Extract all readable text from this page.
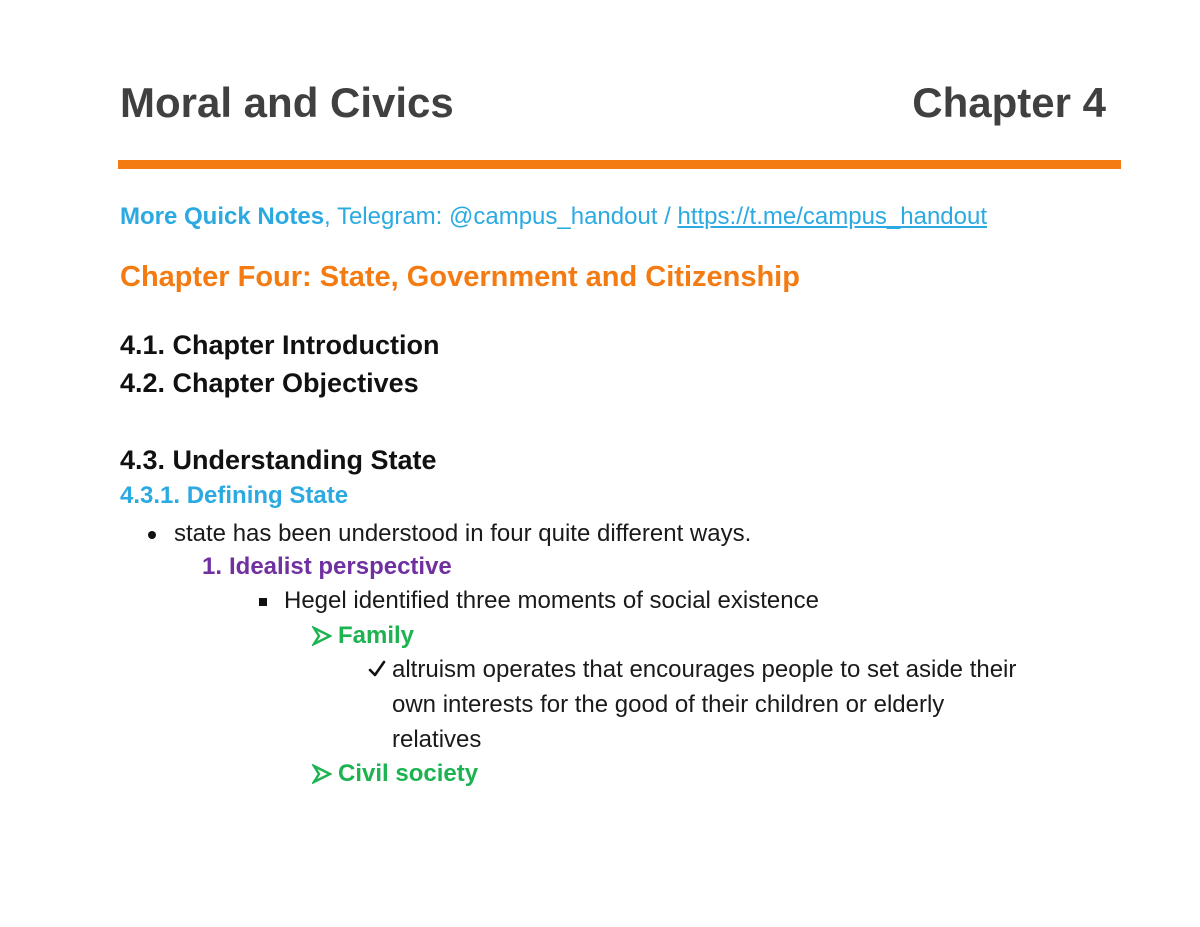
Moral and Civics	Chapter 4
More Quick Notes, Telegram: @campus_handout / https://t.me/campus_handout
Chapter Four: State, Government and Citizenship
4.1. Chapter Introduction
4.2. Chapter Objectives
4.3. Understanding State
4.3.1. Defining State
state has been understood in four quite different ways.
1. Idealist perspective
Hegel identified three moments of social existence
Family
altruism operates that encourages people to set aside their
own interests for the good of their children or elderly
relatives
Civil society
